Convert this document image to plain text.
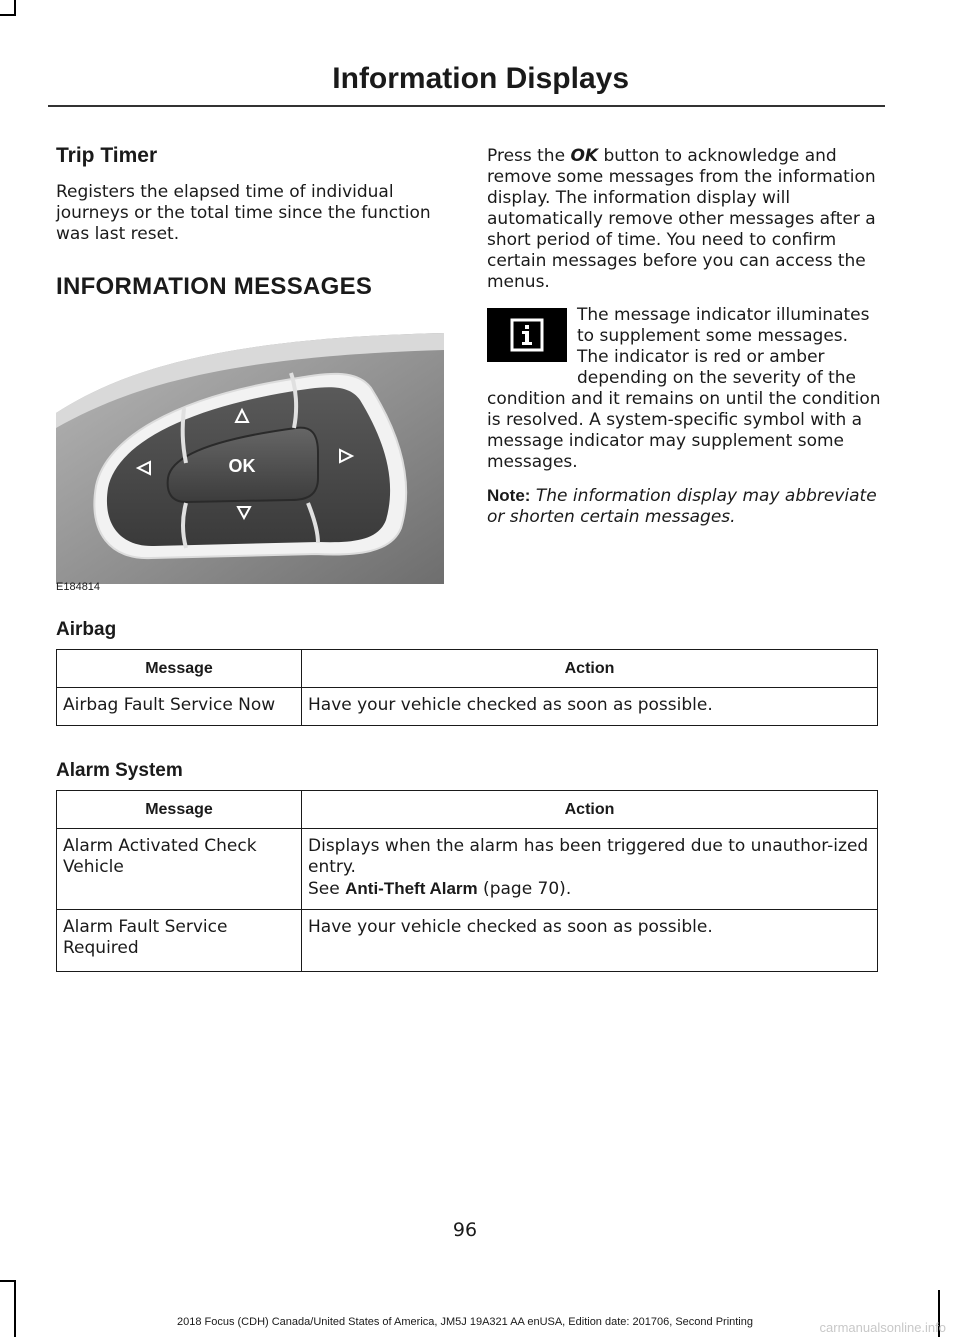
Information Displays
Trip Timer

Registers the elapsed time of individual journeys or the total time since the function was last reset.

INFORMATION MESSAGES
OK
E184814

Press the OK button to acknowledge and remove some messages from the information display. The information display will automatically remove other messages after a short period of time. You need to confirm certain messages before you can access the menus.

The message indicator illuminates to supplement some messages. The indicator is red or amber depending on the severity of the condition and it remains on until the condition is resolved. A system-specific symbol with a message indicator may supplement some messages.

Note: The information display may abbreviate or shorten certain messages.

Airbag
Message	Action
Airbag Fault Service Now	Have your vehicle checked as soon as possible.
Alarm System
Message	Action
Alarm Activated Check Vehicle	Displays when the alarm has been triggered due to unauthor-ized entry.
See Anti-Theft Alarm (page 70).

Alarm Fault Service Required	Have your vehicle checked as soon as possible.
96
2018 Focus (CDH) Canada/United States of America, JM5J 19A321 AA enUSA, Edition date: 201706, Second Printing	carmanualsonline.info
